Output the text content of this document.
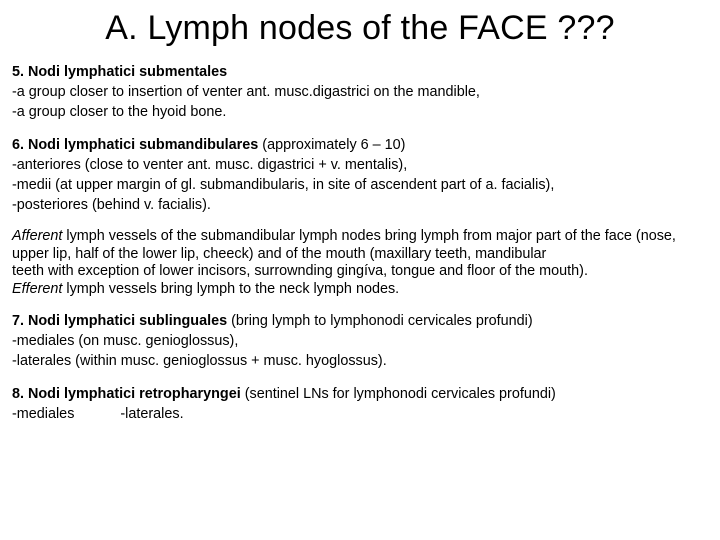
A. Lymph nodes of the FACE ???
5. Nodi lymphatici submentales
-a group closer to insertion of venter ant. musc.digastrici on the mandible,
-a group closer to the hyoid bone.
6. Nodi lymphatici submandibulares (approximately 6 – 10)
-anteriores (close to venter ant. musc. digastrici + v. mentalis),
-medii (at upper margin of gl. submandibularis, in site of ascendent part of a. facialis),
-posteriores (behind v. facialis).
Afferent lymph vessels of the submandibular lymph nodes bring lymph from major part of the face (nose, upper lip, half of the lower lip, cheeck) and of the mouth (maxillary teeth, mandibular
teeth with exception of lower incisors, surrownding gingíva, tongue and floor of the mouth).
Efferent lymph vessels bring lymph to the neck lymph nodes.
7. Nodi lymphatici sublinguales (bring lymph to lymphonodi cervicales profundi)
-mediales (on musc. genioglossus),
-laterales (within musc. genioglossus + musc. hyoglossus).
8. Nodi lymphatici retropharyngei (sentinel LNs for lymphonodi cervicales profundi)
-mediales	-laterales.
